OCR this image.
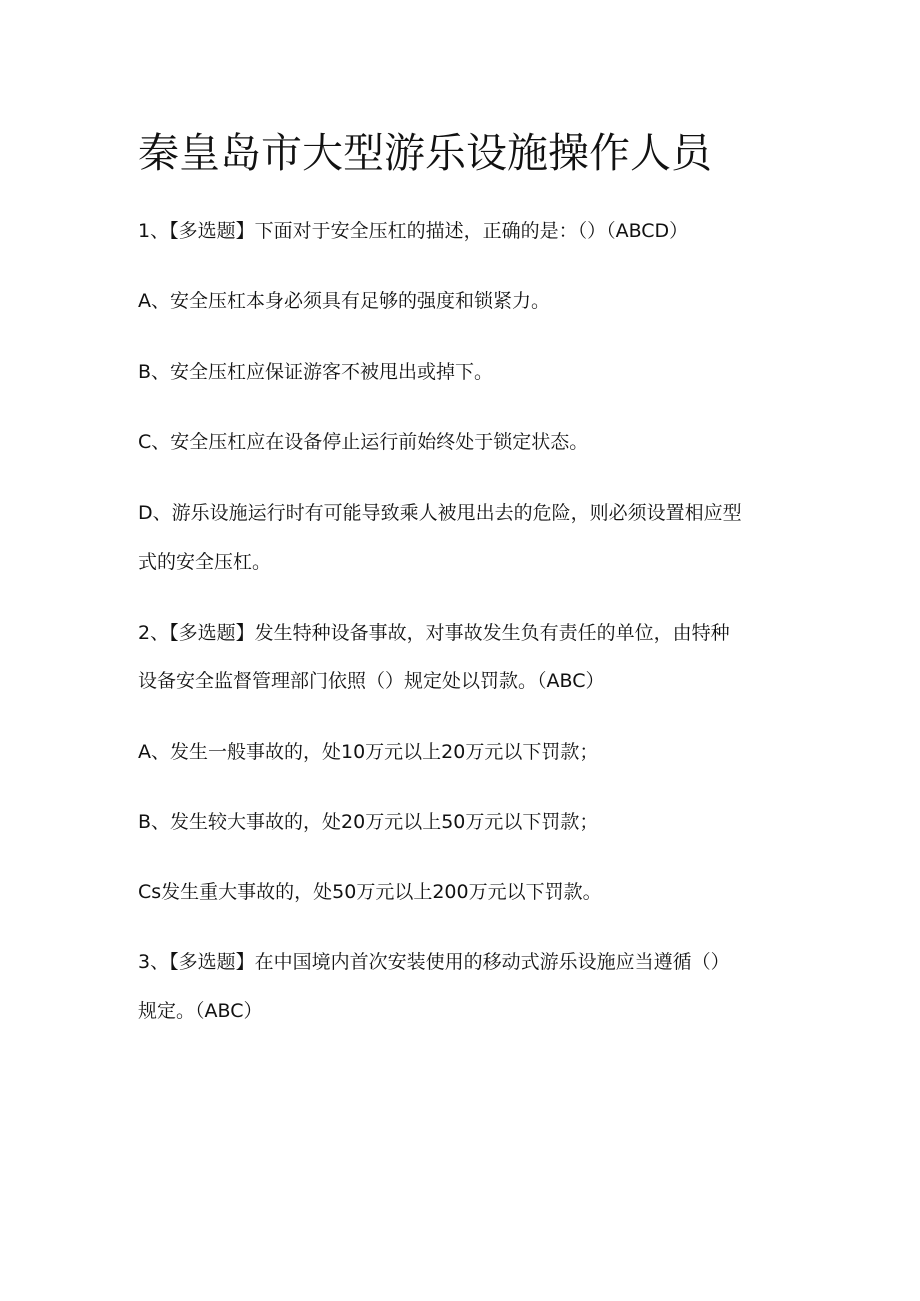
秦皇岛市大型游乐设施操作人员

1、【多选题】下面对于安全压杠的描述，正确的是：（）（ABCD）

A、安全压杠本身必须具有足够的强度和锁紧力。

B、安全压杠应保证游客不被甩出或掉下。

C、安全压杠应在设备停止运行前始终处于锁定状态。

D、游乐设施运行时有可能导致乘人被甩出去的危险，则必须设置相应型

式的安全压杠。

2、【多选题】发生特种设备事故，对事故发生负有责任的单位，由特种

设备安全监督管理部门依照（）规定处以罚款。（ABC）

A、发生一般事故的，处10万元以上20万元以下罚款；

B、发生较大事故的，处20万元以上50万元以下罚款；

Cs发生重大事故的，处50万元以上200万元以下罚款。

3、【多选题】在中国境内首次安装使用的移动式游乐设施应当遵循（）

规定。（ABC）
